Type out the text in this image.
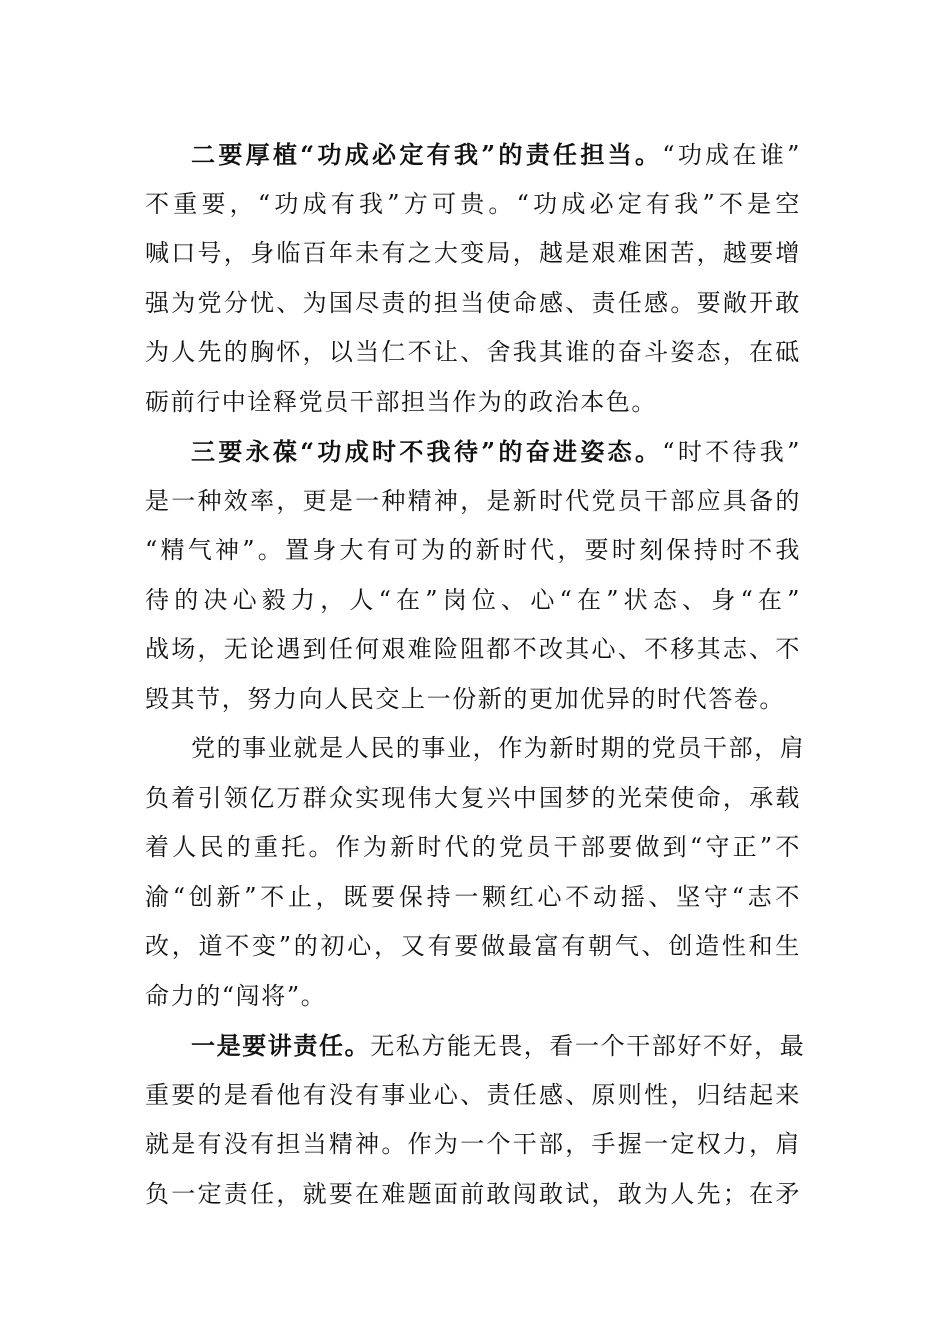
二要厚植“功成必定有我”的责任担当。“功成在谁”
不重要，“功成有我”方可贵。“功成必定有我”不是空
喊口号，身临百年未有之大变局，越是艰难困苦，越要增
强为党分忧、为国尽责的担当使命感、责任感。要敞开敢
为人先的胸怀，以当仁不让、舍我其谁的奋斗姿态，在砥
砺前行中诠释党员干部担当作为的政治本色。
三要永葆“功成时不我待”的奋进姿态。“时不待我”
是一种效率，更是一种精神，是新时代党员干部应具备的
“精气神”。置身大有可为的新时代，要时刻保持时不我
待的决心毅力，人“在”岗位、心“在”状态、身“在”
战场，无论遇到任何艰难险阻都不改其心、不移其志、不
毁其节，努力向人民交上一份新的更加优异的时代答卷。
党的事业就是人民的事业，作为新时期的党员干部，肩
负着引领亿万群众实现伟大复兴中国梦的光荣使命，承载
着人民的重托。作为新时代的党员干部要做到“守正”不
渝“创新”不止，既要保持一颗红心不动摇、坚守“志不
改，道不变”的初心，又有要做最富有朝气、创造性和生
命力的“闯将”。
一是要讲责任。无私方能无畏，看一个干部好不好，最
重要的是看他有没有事业心、责任感、原则性，归结起来
就是有没有担当精神。作为一个干部，手握一定权力，肩
负一定责任，就要在难题面前敢闯敢试，敢为人先；在矛
